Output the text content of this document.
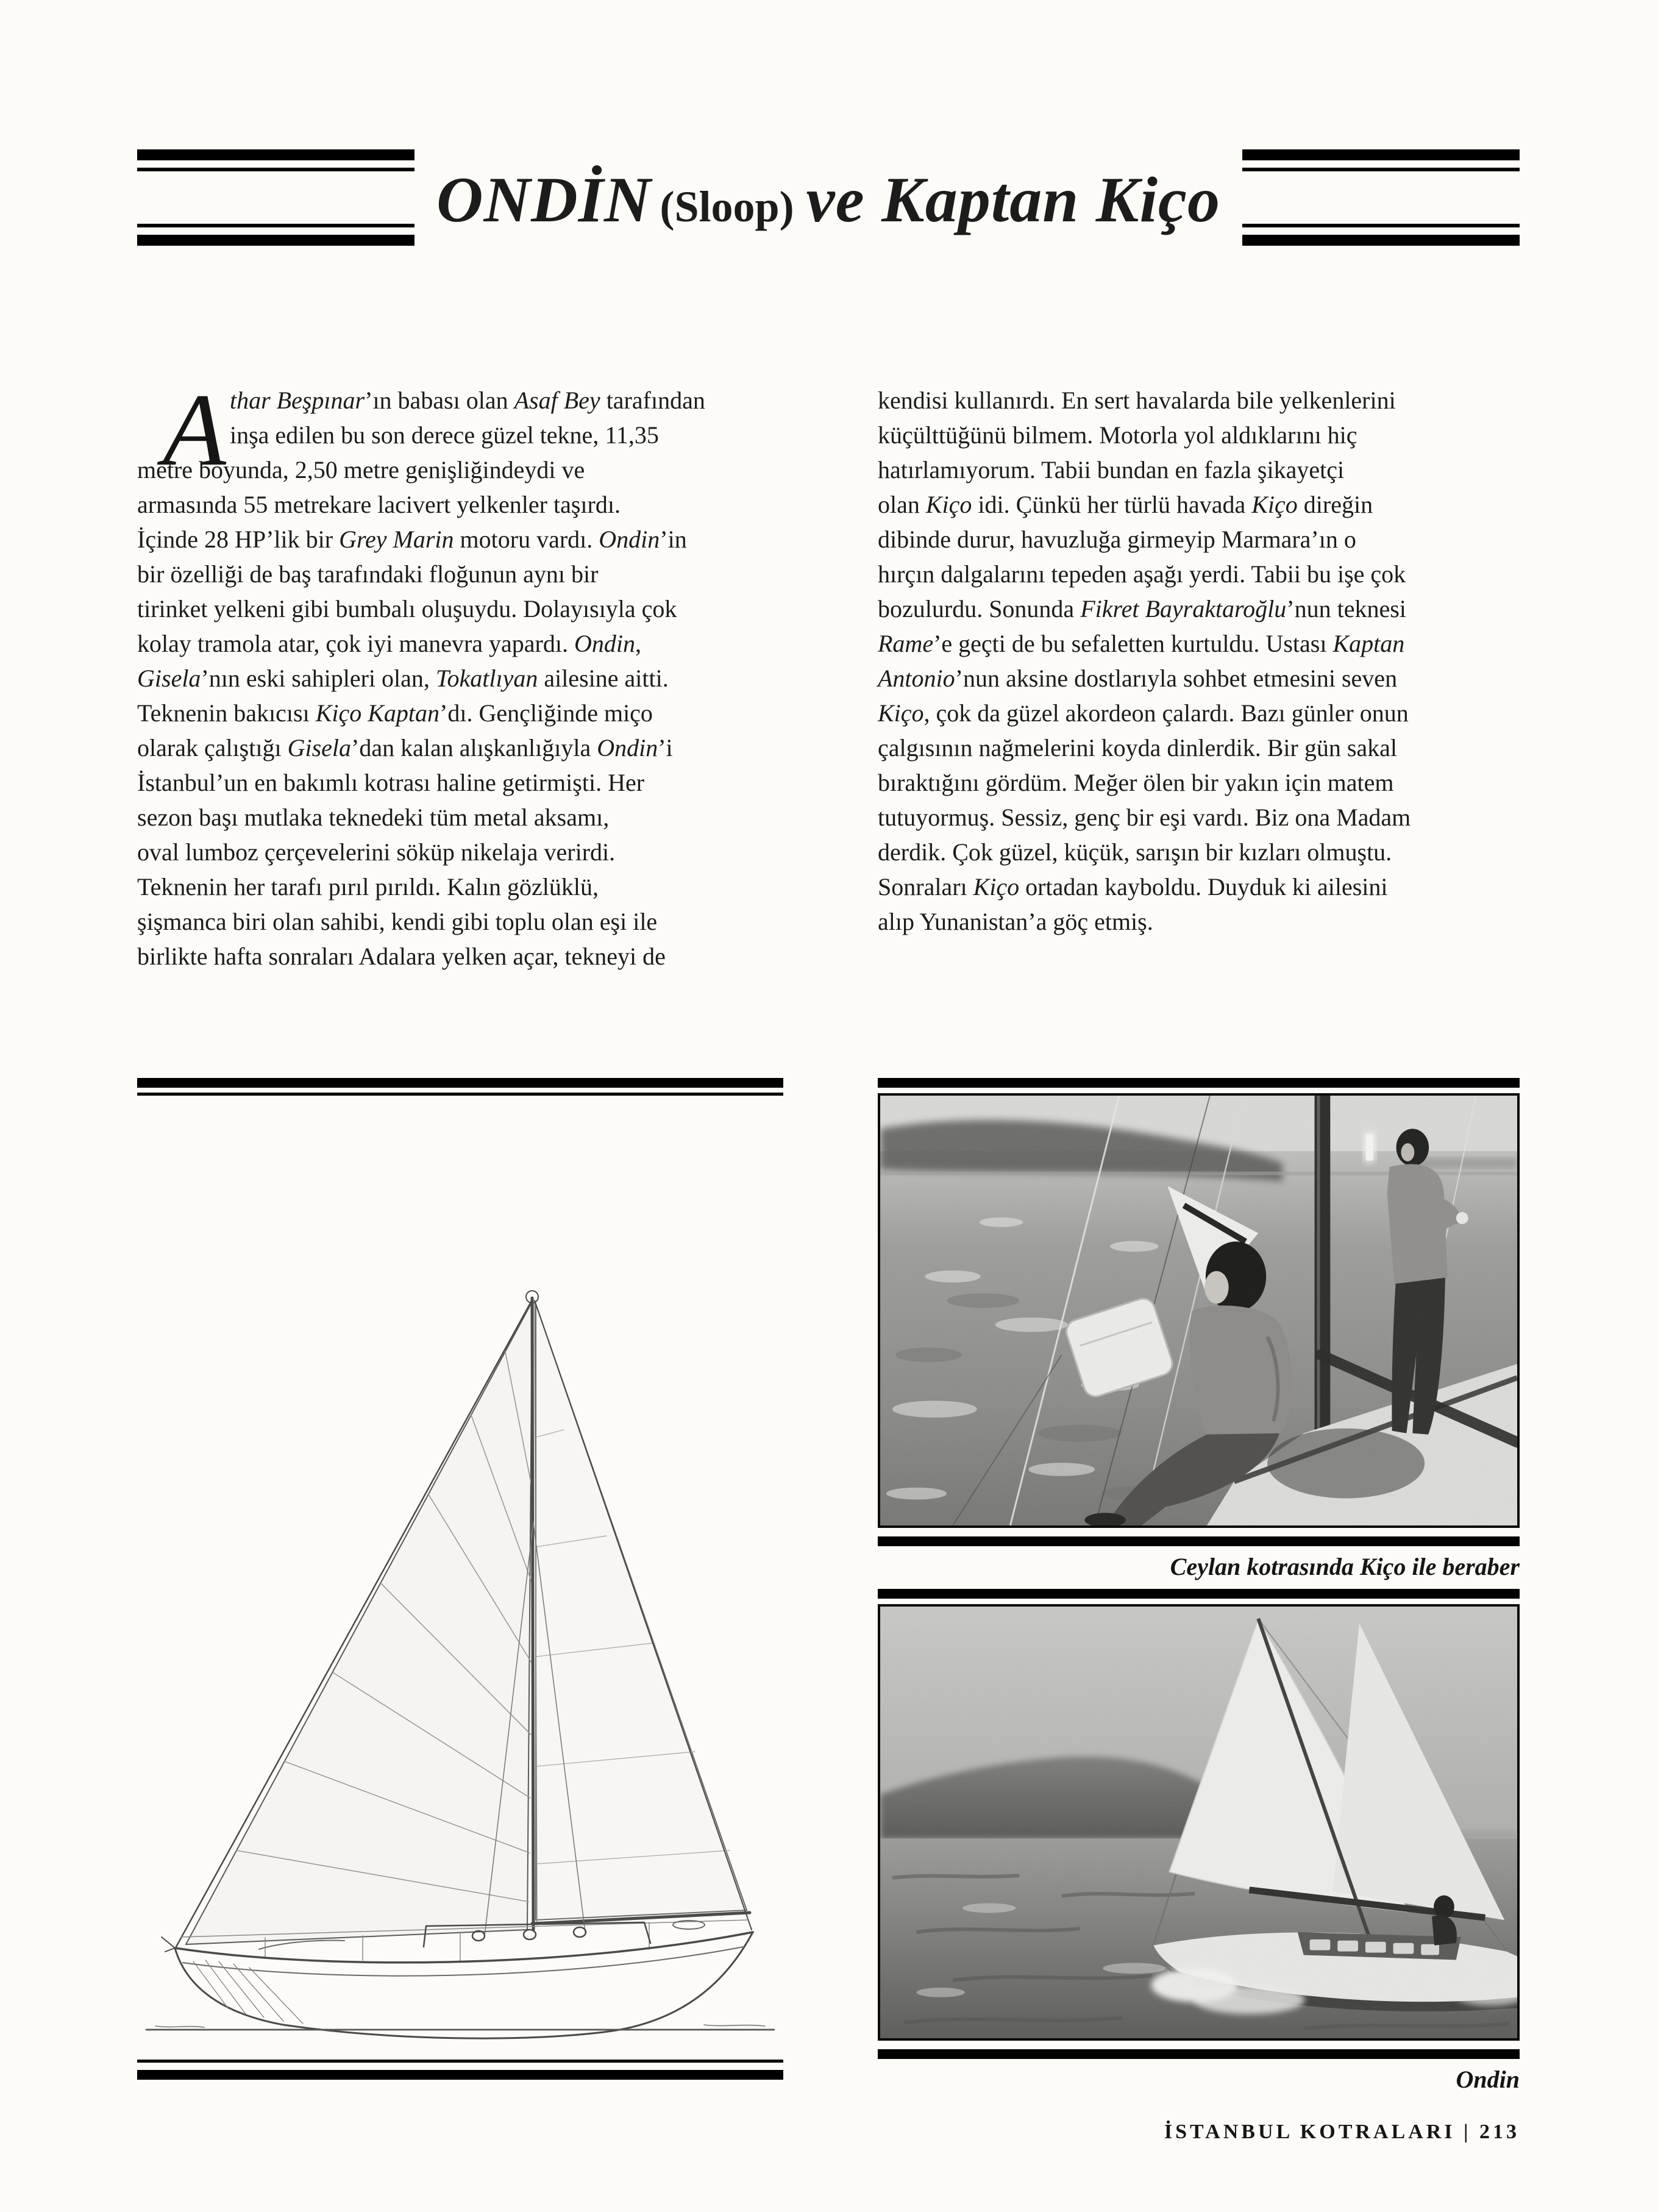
ONDİN (Sloop) ve Kaptan Kiço
A thar Beşpınar’ın babası olan Asaf Bey tarafından
inşa edilen bu son derece güzel tekne, 11,35
metre boyunda, 2,50 metre genişliğindeydi ve
armasında 55 metrekare lacivert yelkenler taşırdı.
İçinde 28 HP’lik bir Grey Marin motoru vardı. Ondin’in
bir özelliği de baş tarafındaki floğunun aynı bir
tirinket yelkeni gibi bumbalı oluşuydu. Dolayısıyla çok
kolay tramola atar, çok iyi manevra yapardı. Ondin,
Gisela’nın eski sahipleri olan, Tokatlıyan ailesine aitti.
Teknenin bakıcısı Kiço Kaptan’dı. Gençliğinde miço
olarak çalıştığı Gisela’dan kalan alışkanlığıyla Ondin’i
İstanbul’un en bakımlı kotrası haline getirmişti. Her
sezon başı mutlaka teknedeki tüm metal aksamı,
oval lumboz çerçevelerini söküp nikelaja verirdi.
Teknenin her tarafı pırıl pırıldı. Kalın gözlüklü,
şişmanca biri olan sahibi, kendi gibi toplu olan eşi ile
birlikte hafta sonraları Adalara yelken açar, tekneyi de
kendisi kullanırdı. En sert havalarda bile yelkenlerini
küçülttüğünü bilmem. Motorla yol aldıklarını hiç
hatırlamıyorum. Tabii bundan en fazla şikayetçi
olan Kiço idi. Çünkü her türlü havada Kiço direğin
dibinde durur, havuzluğa girmeyip Marmara’ın o
hırçın dalgalarını tepeden aşağı yerdi. Tabii bu işe çok
bozulurdu. Sonunda Fikret Bayraktaroğlu’nun teknesi
Rame’e geçti de bu sefaletten kurtuldu. Ustası Kaptan
Antonio’nun aksine dostlarıyla sohbet etmesini seven
Kiço, çok da güzel akordeon çalardı. Bazı günler onun
çalgısının nağmelerini koyda dinlerdik. Bir gün sakal
bıraktığını gördüm. Meğer ölen bir yakın için matem
tutuyormuş. Sessiz, genç bir eşi vardı. Biz ona Madam
derdik. Çok güzel, küçük, sarışın bir kızları olmuştu.
Sonraları Kiço ortadan kayboldu. Duyduk ki ailesini
alıp Yunanistan’a göç etmiş.
Ceylan kotrasında Kiço ile beraber
Ondin
İSTANBUL KOTRALARI | 213
